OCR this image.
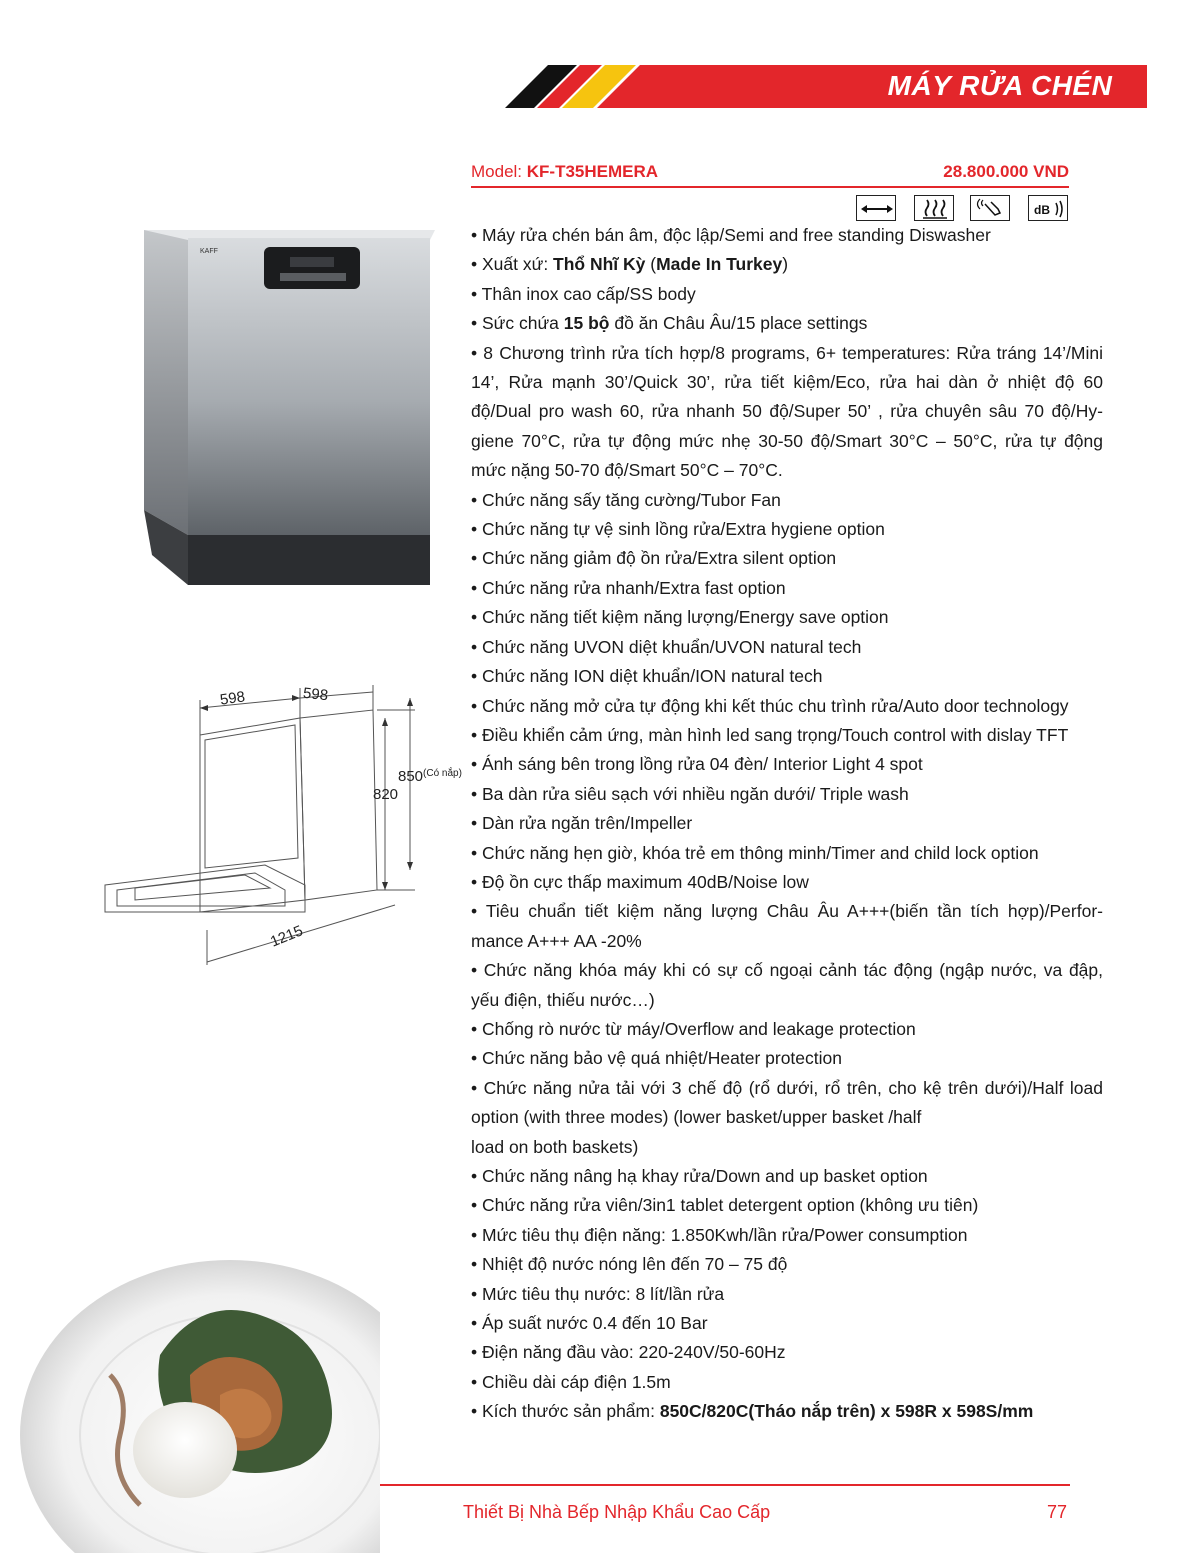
MÁY RỬA CHÉN
Model: KF-T35HEMERA	28.800.000 VND
dB
KAFF
598	598
$850^{(Có nắp)}$
820
1215

• Máy rửa chén bán âm, độc lập/Semi and free standing Diswasher

• Xuất xứ: Thổ Nhĩ Kỳ (Made In Turkey)

• Thân inox cao cấp/SS body

• Sức chứa 15 bộ đồ ăn Châu Âu/15 place settings

• 8 Chương trình rửa tích hợp/8 programs, 6+ temperatures: Rửa tráng 14’/Mini 14’, Rửa mạnh 30’/Quick 30’, rửa tiết kiệm/Eco, rửa hai dàn ở nhiệt độ 60 độ/Dual pro wash 60, rửa nhanh 50 độ/Super 50’ , rửa chuyên sâu 70 độ/Hy-giene 70°C, rửa tự động mức nhẹ 30-50 độ/Smart 30°C – 50°C, rửa tự động mức nặng 50-70 độ/Smart 50°C – 70°C.

• Chức năng sấy tăng cường/Tubor Fan

• Chức năng tự vệ sinh lồng rửa/Extra hygiene option

• Chức năng giảm độ ồn rửa/Extra silent option

• Chức năng rửa nhanh/Extra fast option

• Chức năng tiết kiệm năng lượng/Energy save option

• Chức năng UVON diệt khuẩn/UVON natural tech

• Chức năng ION diệt khuẩn/ION natural tech

• Chức năng mở cửa tự động khi kết thúc chu trình rửa/Auto door technology

• Điều khiển cảm ứng, màn hình led sang trọng/Touch control with dislay TFT

• Ánh sáng bên trong lồng rửa 04 đèn/ Interior Light 4 spot

• Ba dàn rửa siêu sạch với nhiều ngăn dưới/ Triple wash

• Dàn rửa ngăn trên/Impeller

• Chức năng hẹn giờ, khóa trẻ em thông minh/Timer and child lock option

• Độ ồn cực thấp maximum 40dB/Noise low

• Tiêu chuẩn tiết kiệm năng lượng Châu Âu A+++(biến tần tích hợp)/Perfor-mance A+++ AA -20%

• Chức năng khóa máy khi có sự cố ngoại cảnh tác động (ngập nước, va đập, yếu điện, thiếu nước…)

• Chống rò nước từ máy/Overflow and leakage protection

• Chức năng bảo vệ quá nhiệt/Heater protection

• Chức năng nửa tải với 3 chế độ (rổ dưới, rổ trên, cho kệ trên dưới)/Half load option (with three modes) (lower basket/upper basket /half

load on both baskets)

• Chức năng nâng hạ khay rửa/Down and up basket option

• Chức năng rửa viên/3in1 tablet detergent option (không ưu tiên)

• Mức tiêu thụ điện năng: 1.850Kwh/lần rửa/Power consumption

• Nhiệt độ nước nóng lên đến 70 – 75 độ

• Mức tiêu thụ nước: 8 lít/lần rửa

• Áp suất nước 0.4 đến 10 Bar

• Điện năng đầu vào: 220-240V/50-60Hz

• Chiều dài cáp điện 1.5m

• Kích thước sản phẩm: 850C/820C(Tháo nắp trên) x 598R x 598S/mm

Thiết Bị Nhà Bếp Nhập Khẩu Cao Cấp	77
